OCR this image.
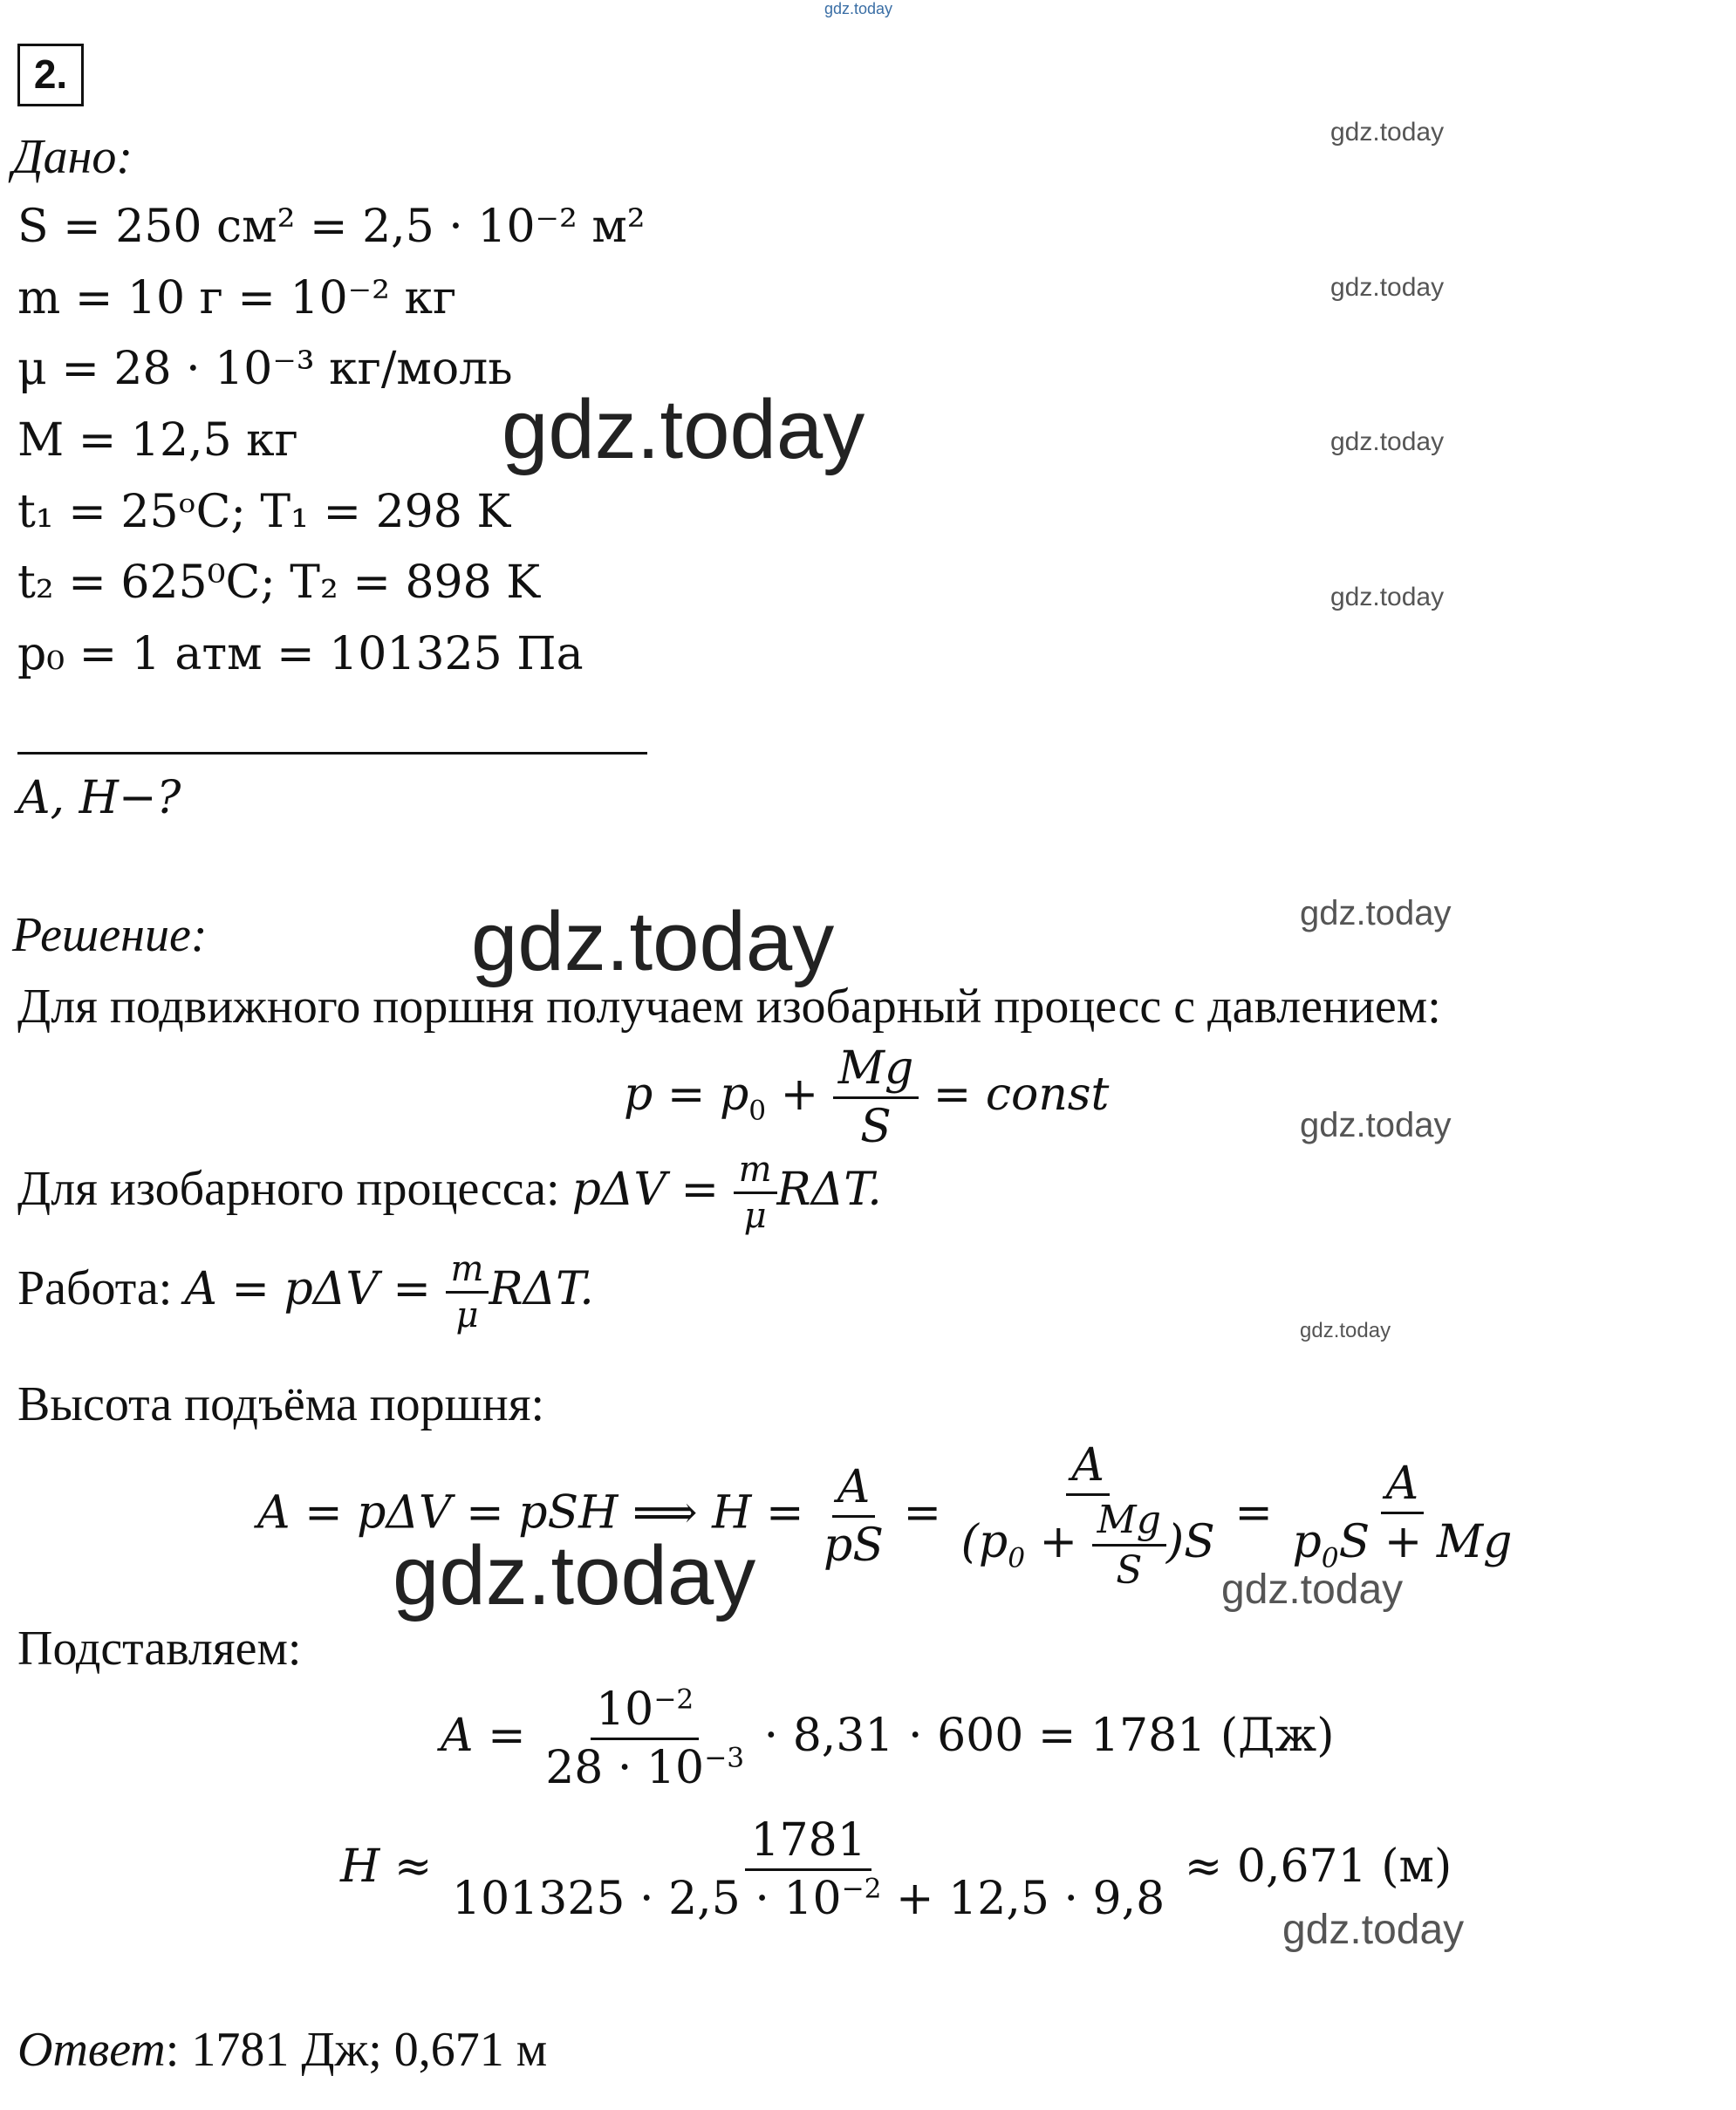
gdz.today
2.
Дано:
S = 250 см² = 2,5 · 10⁻² м²
m = 10 г = 10⁻² кг
μ = 28 · 10⁻³ кг/моль
M = 12,5 кг
t₁ = 25ᵒC; T₁ = 298 K
t₂ = 625⁰C; T₂ = 898 K
p₀ = 1 атм = 101325 Па
A, H−?
Решение:

Для подвижного поршня получаем изобарный процесс с давлением:
$p = p_0 + \frac{Mg}{S}$ = const
Для изобарного процесса: $p\Delta V = \frac{m}{\mu} R\Delta T$.
Работа: $A = p\Delta V = \frac{m}{\mu} R\Delta T$.
Высота подъёма поршня:
A = pΔV = pSH ⟹ $H = \frac{A}{pS} = \frac{A}{(p_0 + \frac{Mg}{S} )S} = \frac{A}{p_0S + Mg}$
Подставляем:
$A = \frac{10^{-2}}{28 \cdot 10^{-3}} \cdot 8,31 \cdot 600 = 1781$ (Дж)
$H \approx \frac{1781}{101325 \cdot 2,5 \cdot 10^{-2} + 12,5 \cdot 9,8} \approx 0,671$ (м)
Ответ: 1781 Дж; 0,671 м
gdz.today
gdz.today
gdz.today
gdz.today
gdz.today
gdz.today
gdz.today
gdz.today
gdz.today
gdz.today	gdz.today
gdz.today
